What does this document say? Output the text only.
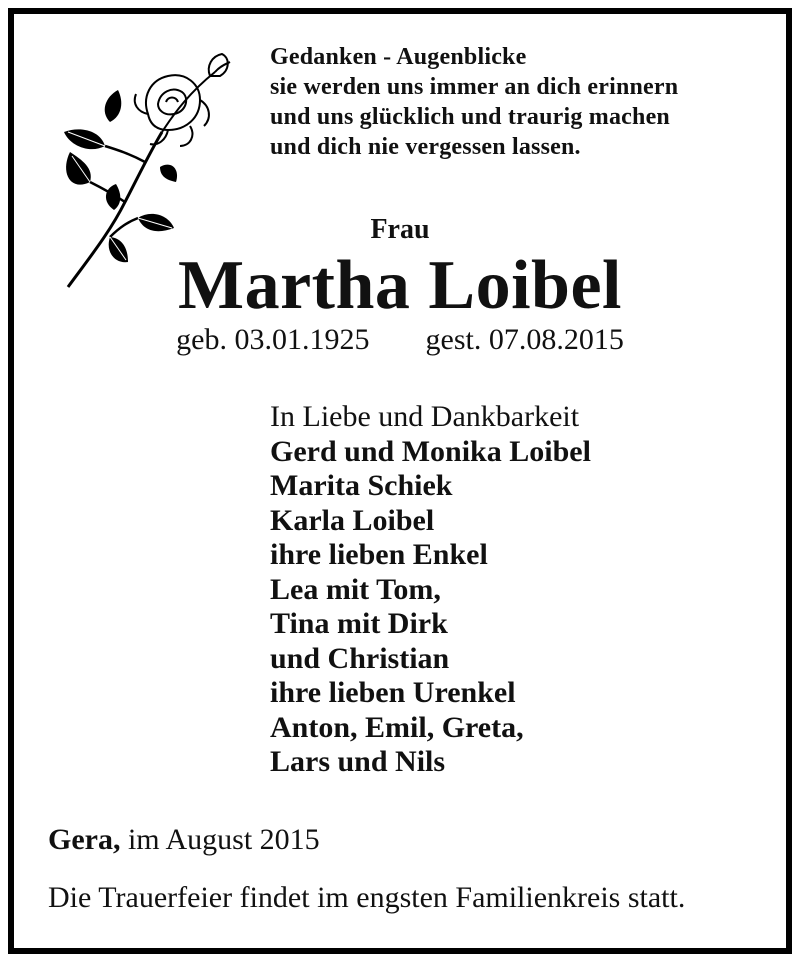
Gedanken - Augenblicke
sie werden uns immer an dich erinnern
und uns glücklich und traurig machen
und dich nie vergessen lassen.
Frau
Martha Loibel
geb. 03.01.1925 gest. 07.08.2015
In Liebe und Dankbarkeit
Gerd und Monika Loibel
Marita Schiek
Karla Loibel
ihre lieben Enkel
Lea mit Tom,
Tina mit Dirk
und Christian
ihre lieben Urenkel
Anton, Emil, Greta,
Lars und Nils
Gera, im August 2015
Die Trauerfeier findet im engsten Familienkreis statt.
